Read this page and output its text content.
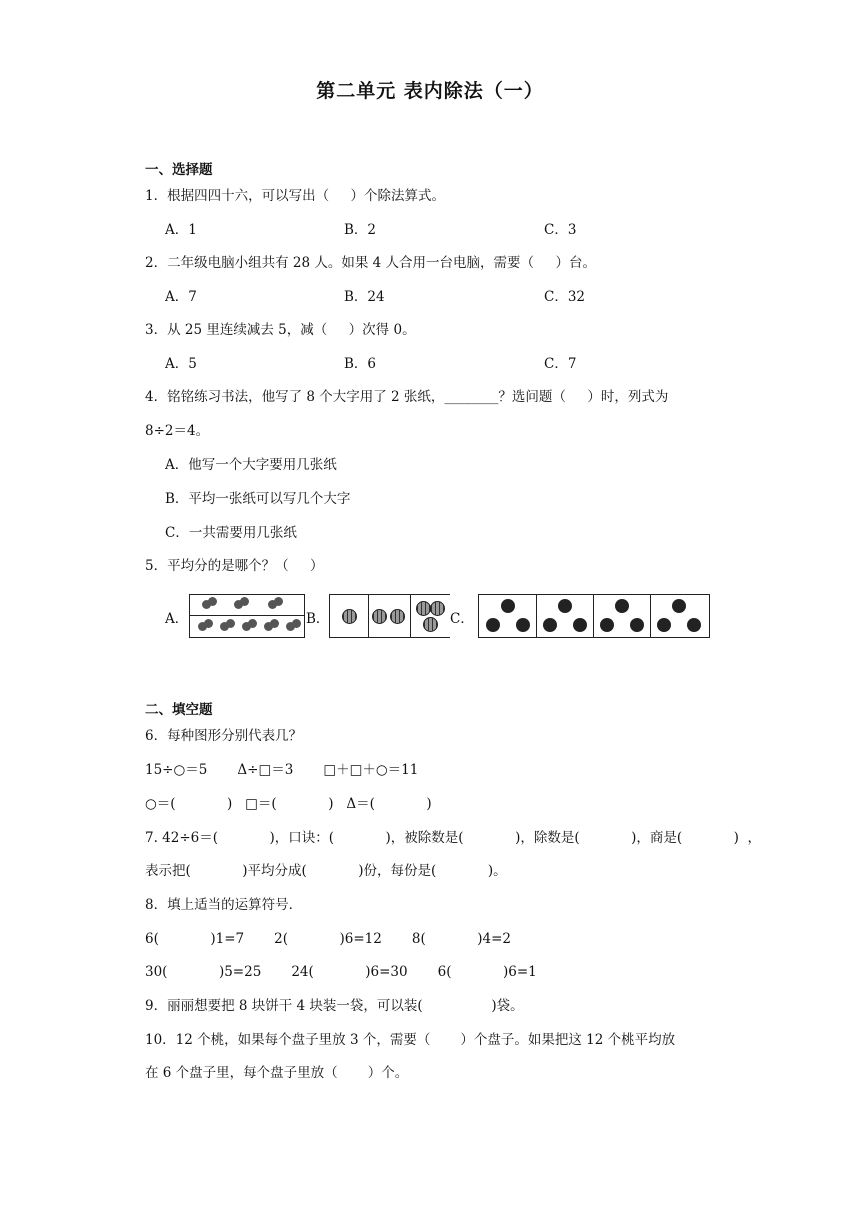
第二单元 表内除法（一）
一、选择题
1．根据四四十六，可以写出（     ）个除法算式。
A．1	B．2	C．3
2．二年级电脑小组共有 28 人。如果 4 人合用一台电脑，需要（     ）台。
A．7	B．24	C．32
3．从 25 里连续减去 5，减（     ）次得 0。
A．5	B．6	C．7
4．铭铭练习书法，他写了 8 个大字用了 2 张纸，________？选问题（     ）时，列式为
8÷2＝4。
A．他写一个大字要用几张纸
B．平均一张纸可以写几个大字
C．一共需要用几张纸
5．平均分的是哪个？（     ）
A．	B．	C．
二、填空题
6．每种图形分别代表几？
15÷○＝5       Δ÷□＝3       □＋□＋○＝11
○＝(            )   □＝(            )   Δ＝(            )
7. 42÷6＝(            )，口诀：(            )，被除数是(            )，除数是(            )，商是(            )  ，
表示把(            )平均分成(            )份，每份是(            )。
8．填上适当的运算符号．
6(            )1=7       2(            )6=12       8(            )4=2
30(            )5=25       24(            )6=30       6(            )6=1
9．丽丽想要把 8 块饼干 4 块装一袋，可以装(                )袋。
10．12 个桃，如果每个盘子里放 3 个，需要（       ）个盘子。如果把这 12 个桃平均放
在 6 个盘子里，每个盘子里放（       ）个。
